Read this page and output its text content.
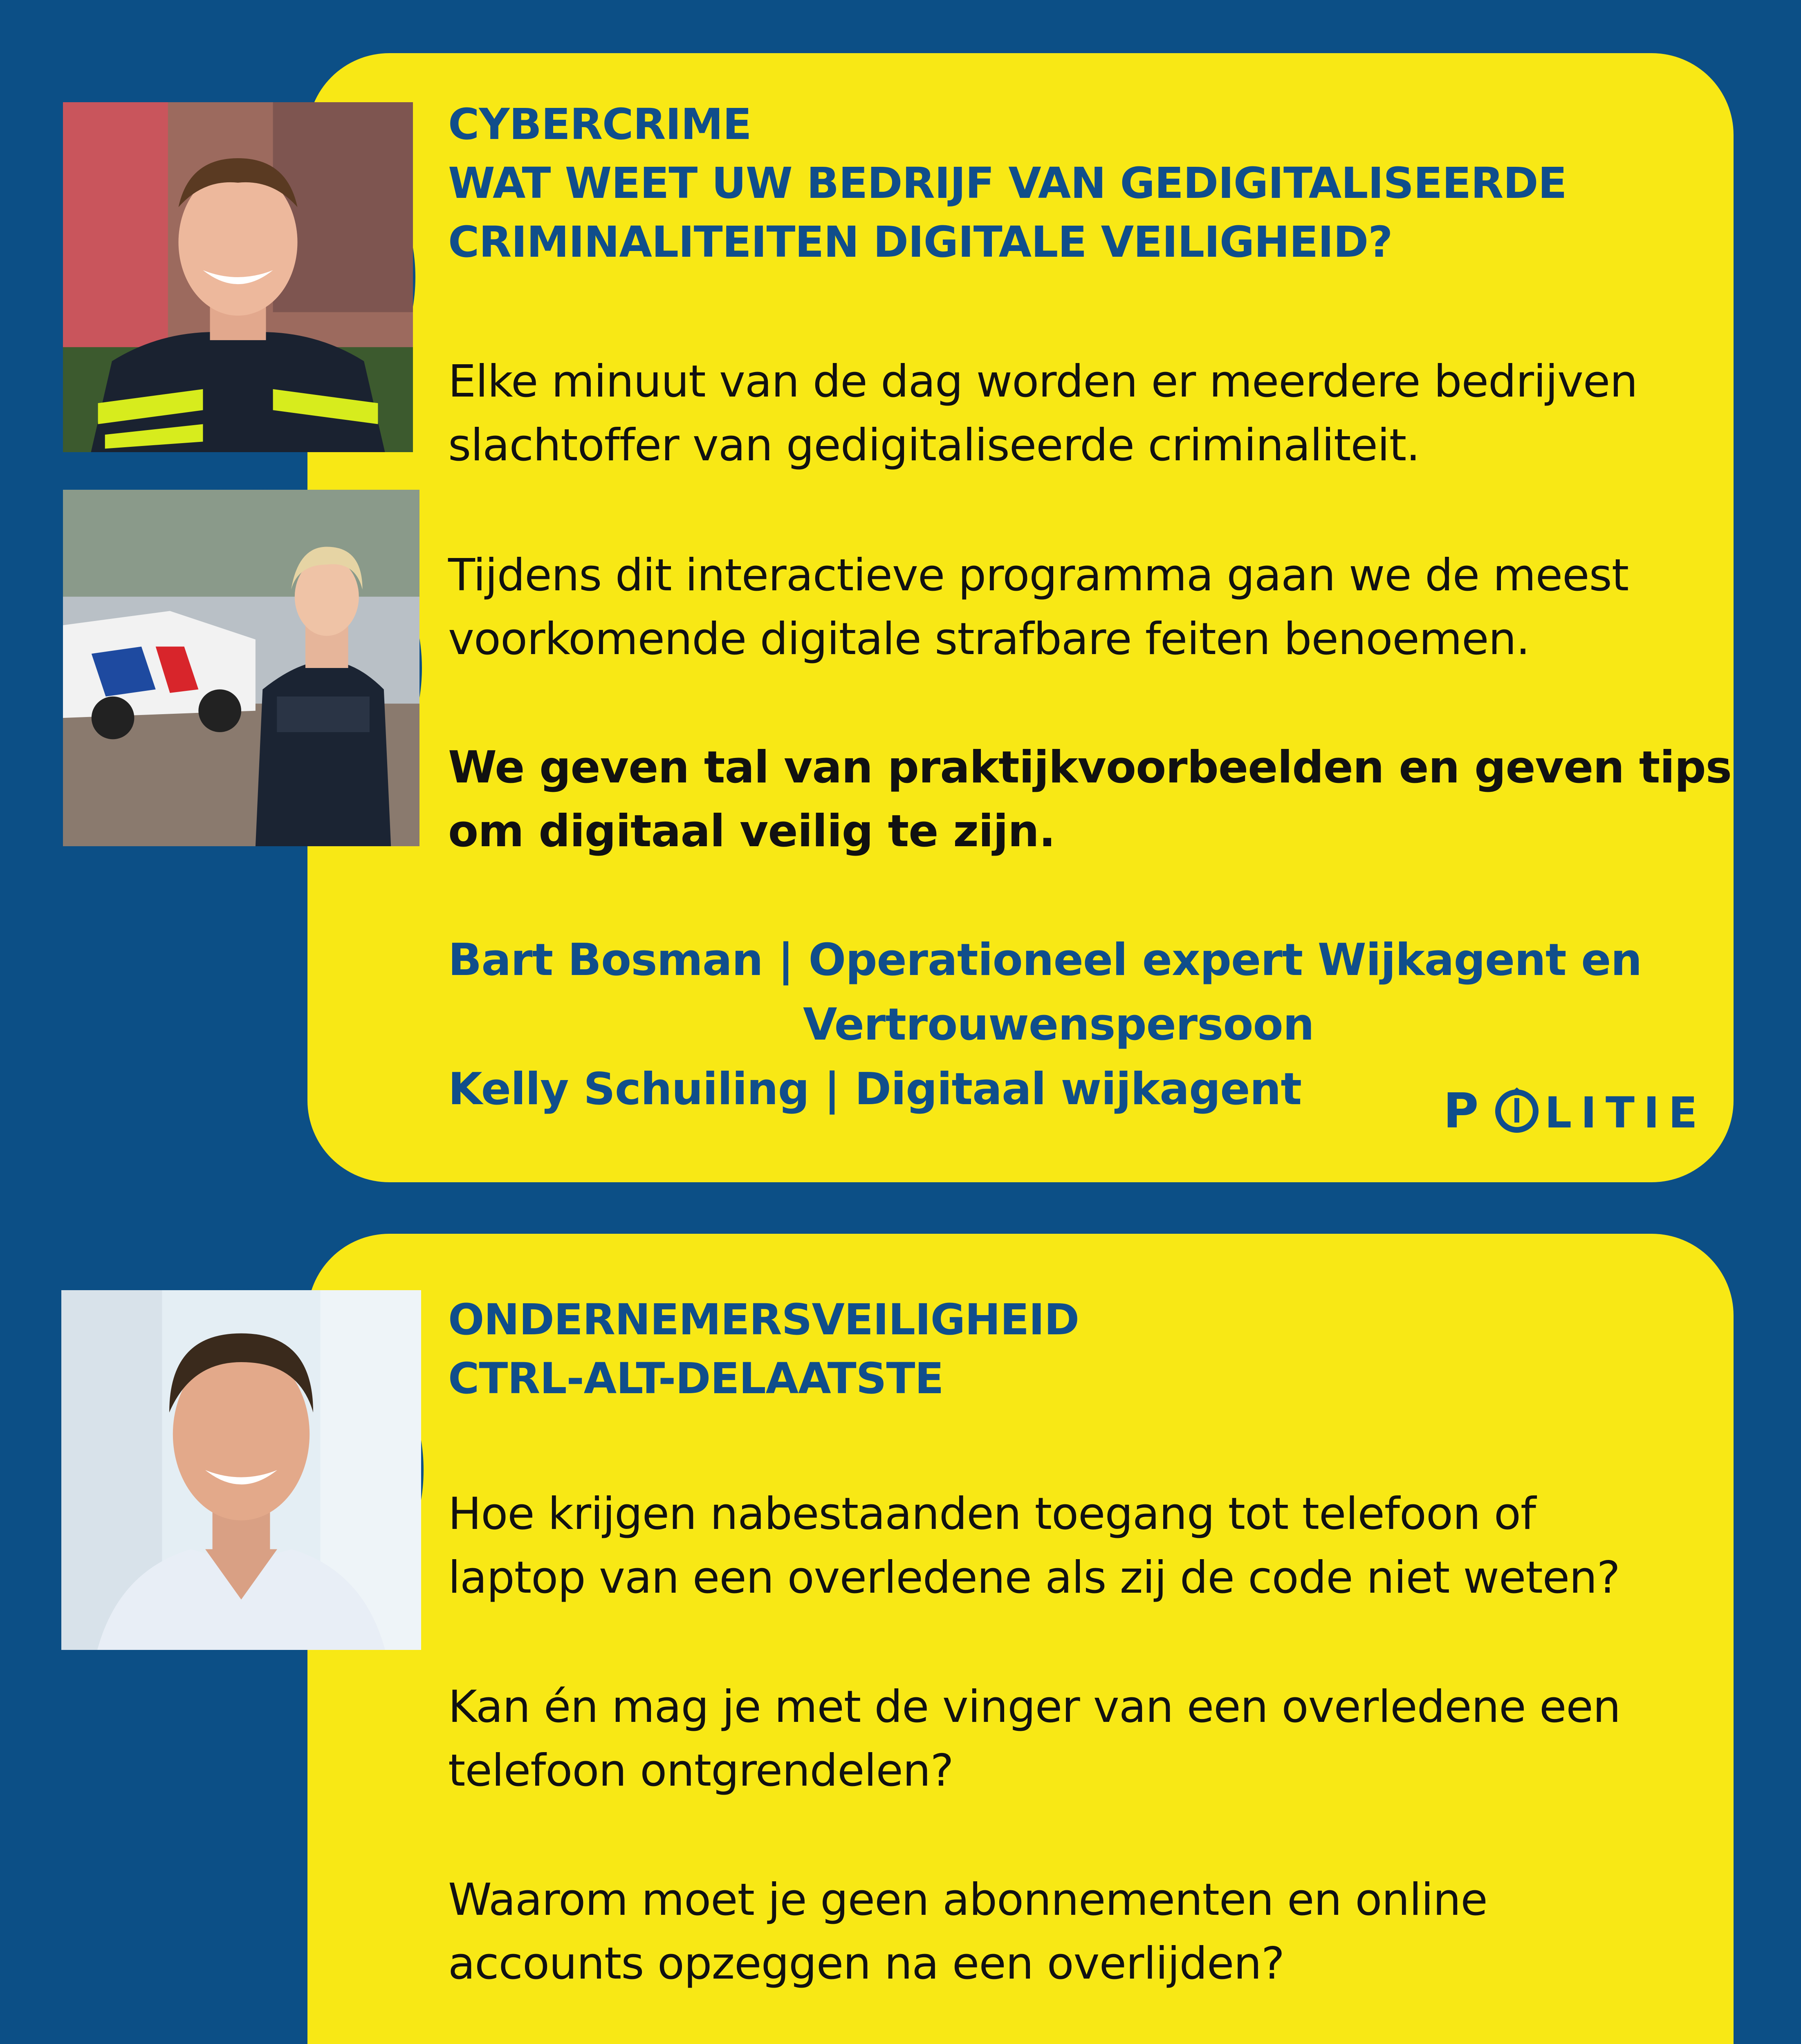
CYBERCRIME
WAT WEET UW BEDRIJF VAN GEDIGITALISEERDE
CRIMINALITEITEN DIGITALE VEILIGHEID?
Elke minuut van de dag worden er meerdere bedrijven
slachtoffer van gedigitaliseerde criminaliteit.
Tijdens dit interactieve programma gaan we de meest
voorkomende digitale strafbare feiten benoemen.
We geven tal van praktijkvoorbeelden en geven tips
om digitaal veilig te zijn.
Bart Bosman | Operationeel expert Wijkagent en
Vertrouwenspersoon
Kelly Schuiling | Digitaal wijkagent	P LITIE
ONDERNEMERSVEILIGHEID
CTRL-ALT-DELAATSTE
Hoe krijgen nabestaanden toegang tot telefoon of
laptop van een overledene als zij de code niet weten?
Kan én mag je met de vinger van een overledene een
telefoon ontgrendelen?
Waarom moet je geen abonnementen en online
accounts opzeggen na een overlijden?
